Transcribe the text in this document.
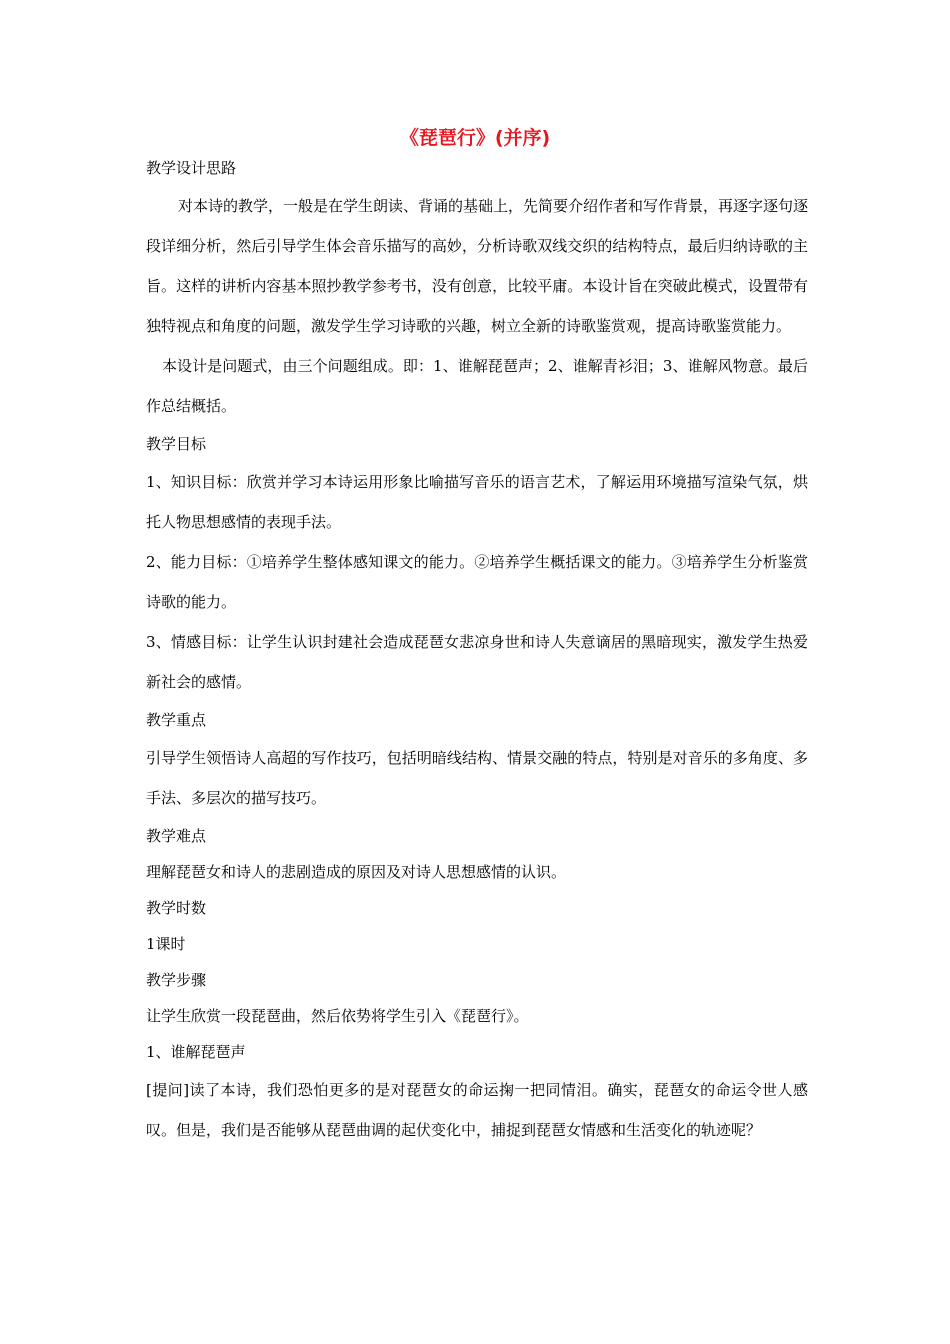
《琵琶行》(并序)

教学设计思路

对本诗的教学，一般是在学生朗读、背诵的基础上，先简要介绍作者和写作背景，再逐字逐句逐段详细分析，然后引导学生体会音乐描写的高妙，分析诗歌双线交织的结构特点，最后归纳诗歌的主旨。这样的讲析内容基本照抄教学参考书，没有创意，比较平庸。本设计旨在突破此模式，设置带有独特视点和角度的问题，激发学生学习诗歌的兴趣，树立全新的诗歌鉴赏观，提高诗歌鉴赏能力。

本设计是问题式，由三个问题组成。即：1、谁解琵琶声；2、谁解青衫泪；3、谁解风物意。最后作总结概括。

教学目标

1、知识目标：欣赏并学习本诗运用形象比喻描写音乐的语言艺术，了解运用环境描写渲染气氛，烘托人物思想感情的表现手法。

2、能力目标：①培养学生整体感知课文的能力。②培养学生概括课文的能力。③培养学生分析鉴赏诗歌的能力。

3、情感目标：让学生认识封建社会造成琵琶女悲凉身世和诗人失意谪居的黑暗现实，激发学生热爱新社会的感情。

教学重点

引导学生领悟诗人高超的写作技巧，包括明暗线结构、情景交融的特点，特别是对音乐的多角度、多手法、多层次的描写技巧。

教学难点

理解琵琶女和诗人的悲剧造成的原因及对诗人思想感情的认识。

教学时数

1课时

教学步骤

让学生欣赏一段琵琶曲，然后依势将学生引入《琵琶行》。

1、谁解琵琶声

[提问]读了本诗，我们恐怕更多的是对琵琶女的命运掬一把同情泪。确实，琵琶女的命运令世人感叹。但是，我们是否能够从琵琶曲调的起伏变化中，捕捉到琵琶女情感和生活变化的轨迹呢？
